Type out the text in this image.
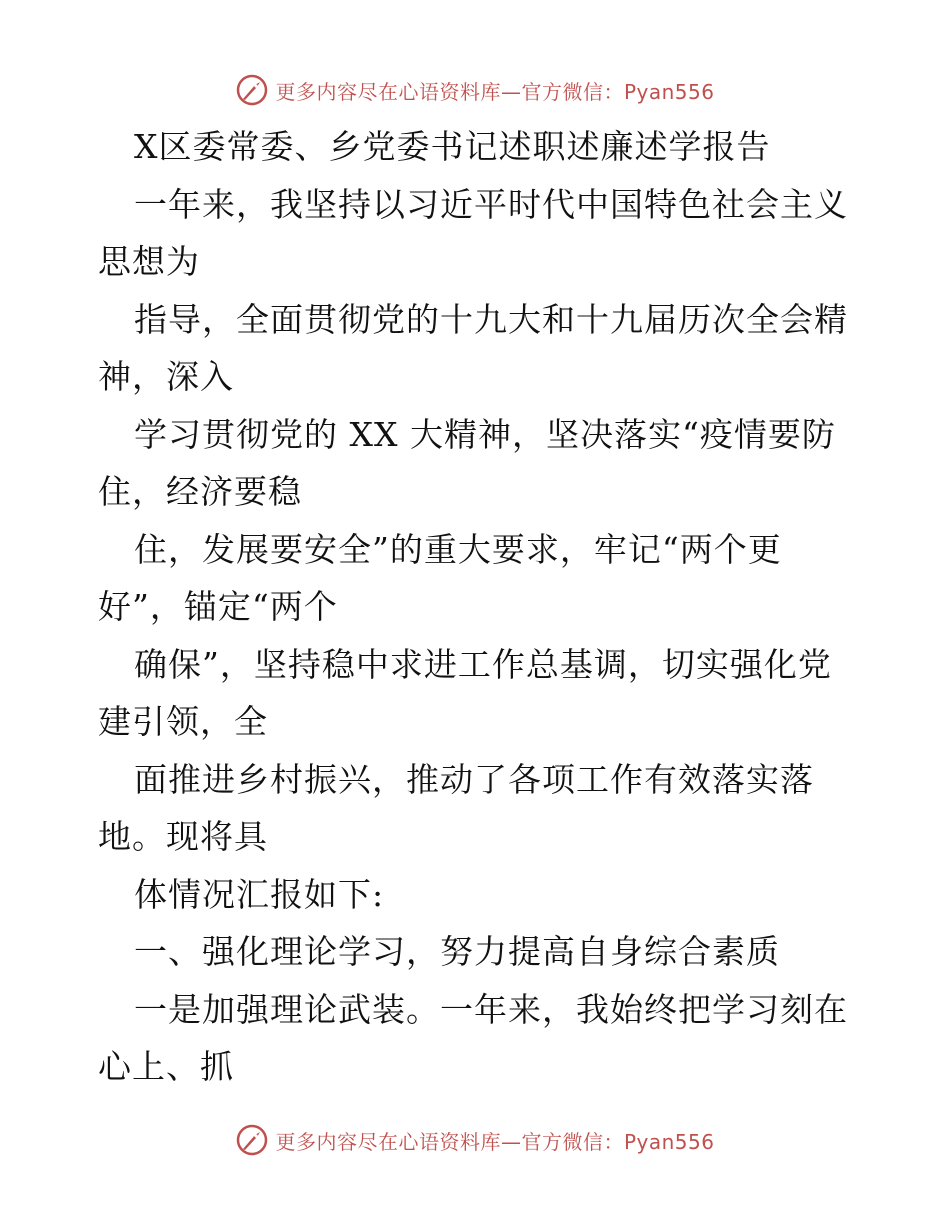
更多内容尽在心语资料库—官方微信：Pyan556
X区委常委、乡党委书记述职述廉述学报告
一年来，我坚持以习近平时代中国特色社会主义
思想为
指导，全面贯彻党的十九大和十九届历次全会精
神，深入
学习贯彻党的 XX 大精神，坚决落实“疫情要防
住，经济要稳
住，发展要安全”的重大要求，牢记“两个更
好”，锚定“两个
确保”，坚持稳中求进工作总基调，切实强化党
建引领，全
面推进乡村振兴，推动了各项工作有效落实落
地。现将具
体情况汇报如下:
一、强化理论学习，努力提高自身综合素质
一是加强理论武装。一年来，我始终把学习刻在
心上、抓
更多内容尽在心语资料库—官方微信：Pyan556
